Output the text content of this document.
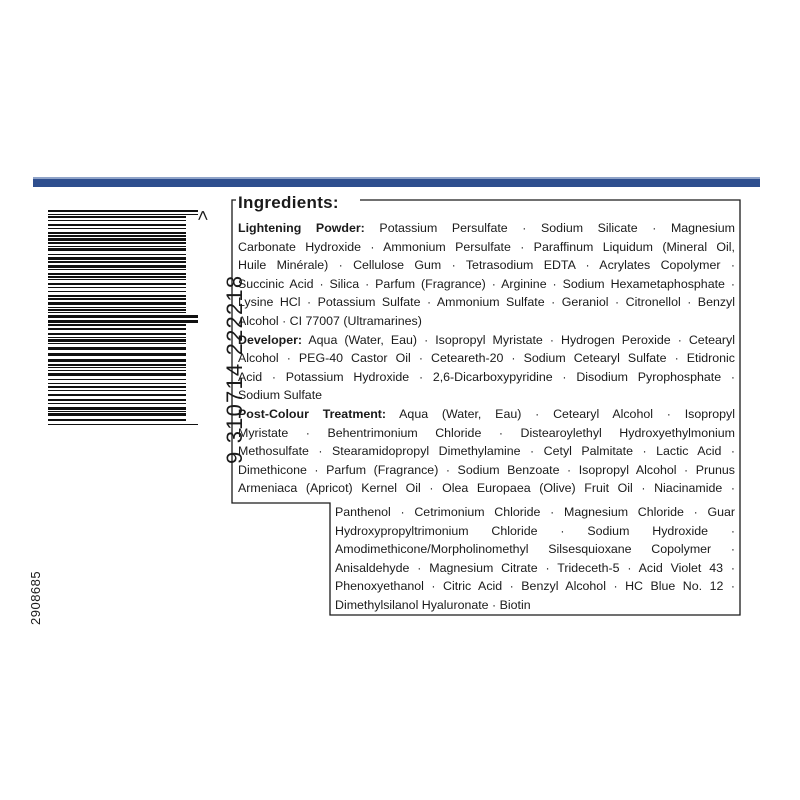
9 310714 222218
>
2908685
Ingredients:
Lightening Powder: Potassium Persulfate · Sodium Silicate · Magnesium
Carbonate Hydroxide · Ammonium Persulfate · Paraffinum Liquidum (Mineral Oil,
Huile Minérale) · Cellulose Gum · Tetrasodium EDTA · Acrylates Copolymer ·
Succinic Acid · Silica · Parfum (Fragrance) · Arginine · Sodium Hexametaphosphate ·
Lysine HCl · Potassium Sulfate · Ammonium Sulfate · Geraniol · Citronellol · Benzyl
Alcohol · CI 77007 (Ultramarines)
Developer: Aqua (Water, Eau) · Isopropyl Myristate · Hydrogen Peroxide · Cetearyl
Alcohol · PEG-40 Castor Oil · Ceteareth-20 · Sodium Cetearyl Sulfate · Etidronic
Acid · Potassium Hydroxide · 2,6-Dicarboxypyridine · Disodium Pyrophosphate ·
Sodium Sulfate
Post-Colour Treatment: Aqua (Water, Eau) · Cetearyl Alcohol · Isopropyl
Myristate · Behentrimonium Chloride · Distearoylethyl Hydroxyethylmonium
Methosulfate · Stearamidopropyl Dimethylamine · Cetyl Palmitate · Lactic Acid ·
Dimethicone · Parfum (Fragrance) · Sodium Benzoate · Isopropyl Alcohol · Prunus
Armeniaca (Apricot) Kernel Oil · Olea Europaea (Olive) Fruit Oil · Niacinamide ·
Panthenol · Cetrimonium Chloride · Magnesium Chloride · Guar
Hydroxypropyltrimonium Chloride · Sodium Hydroxide ·
Amodimethicone/Morpholinomethyl Silsesquioxane Copolymer ·
Anisaldehyde · Magnesium Citrate · Trideceth-5 · Acid Violet 43 ·
Phenoxyethanol · Citric Acid · Benzyl Alcohol · HC Blue No. 12 ·
Dimethylsilanol Hyaluronate · Biotin
